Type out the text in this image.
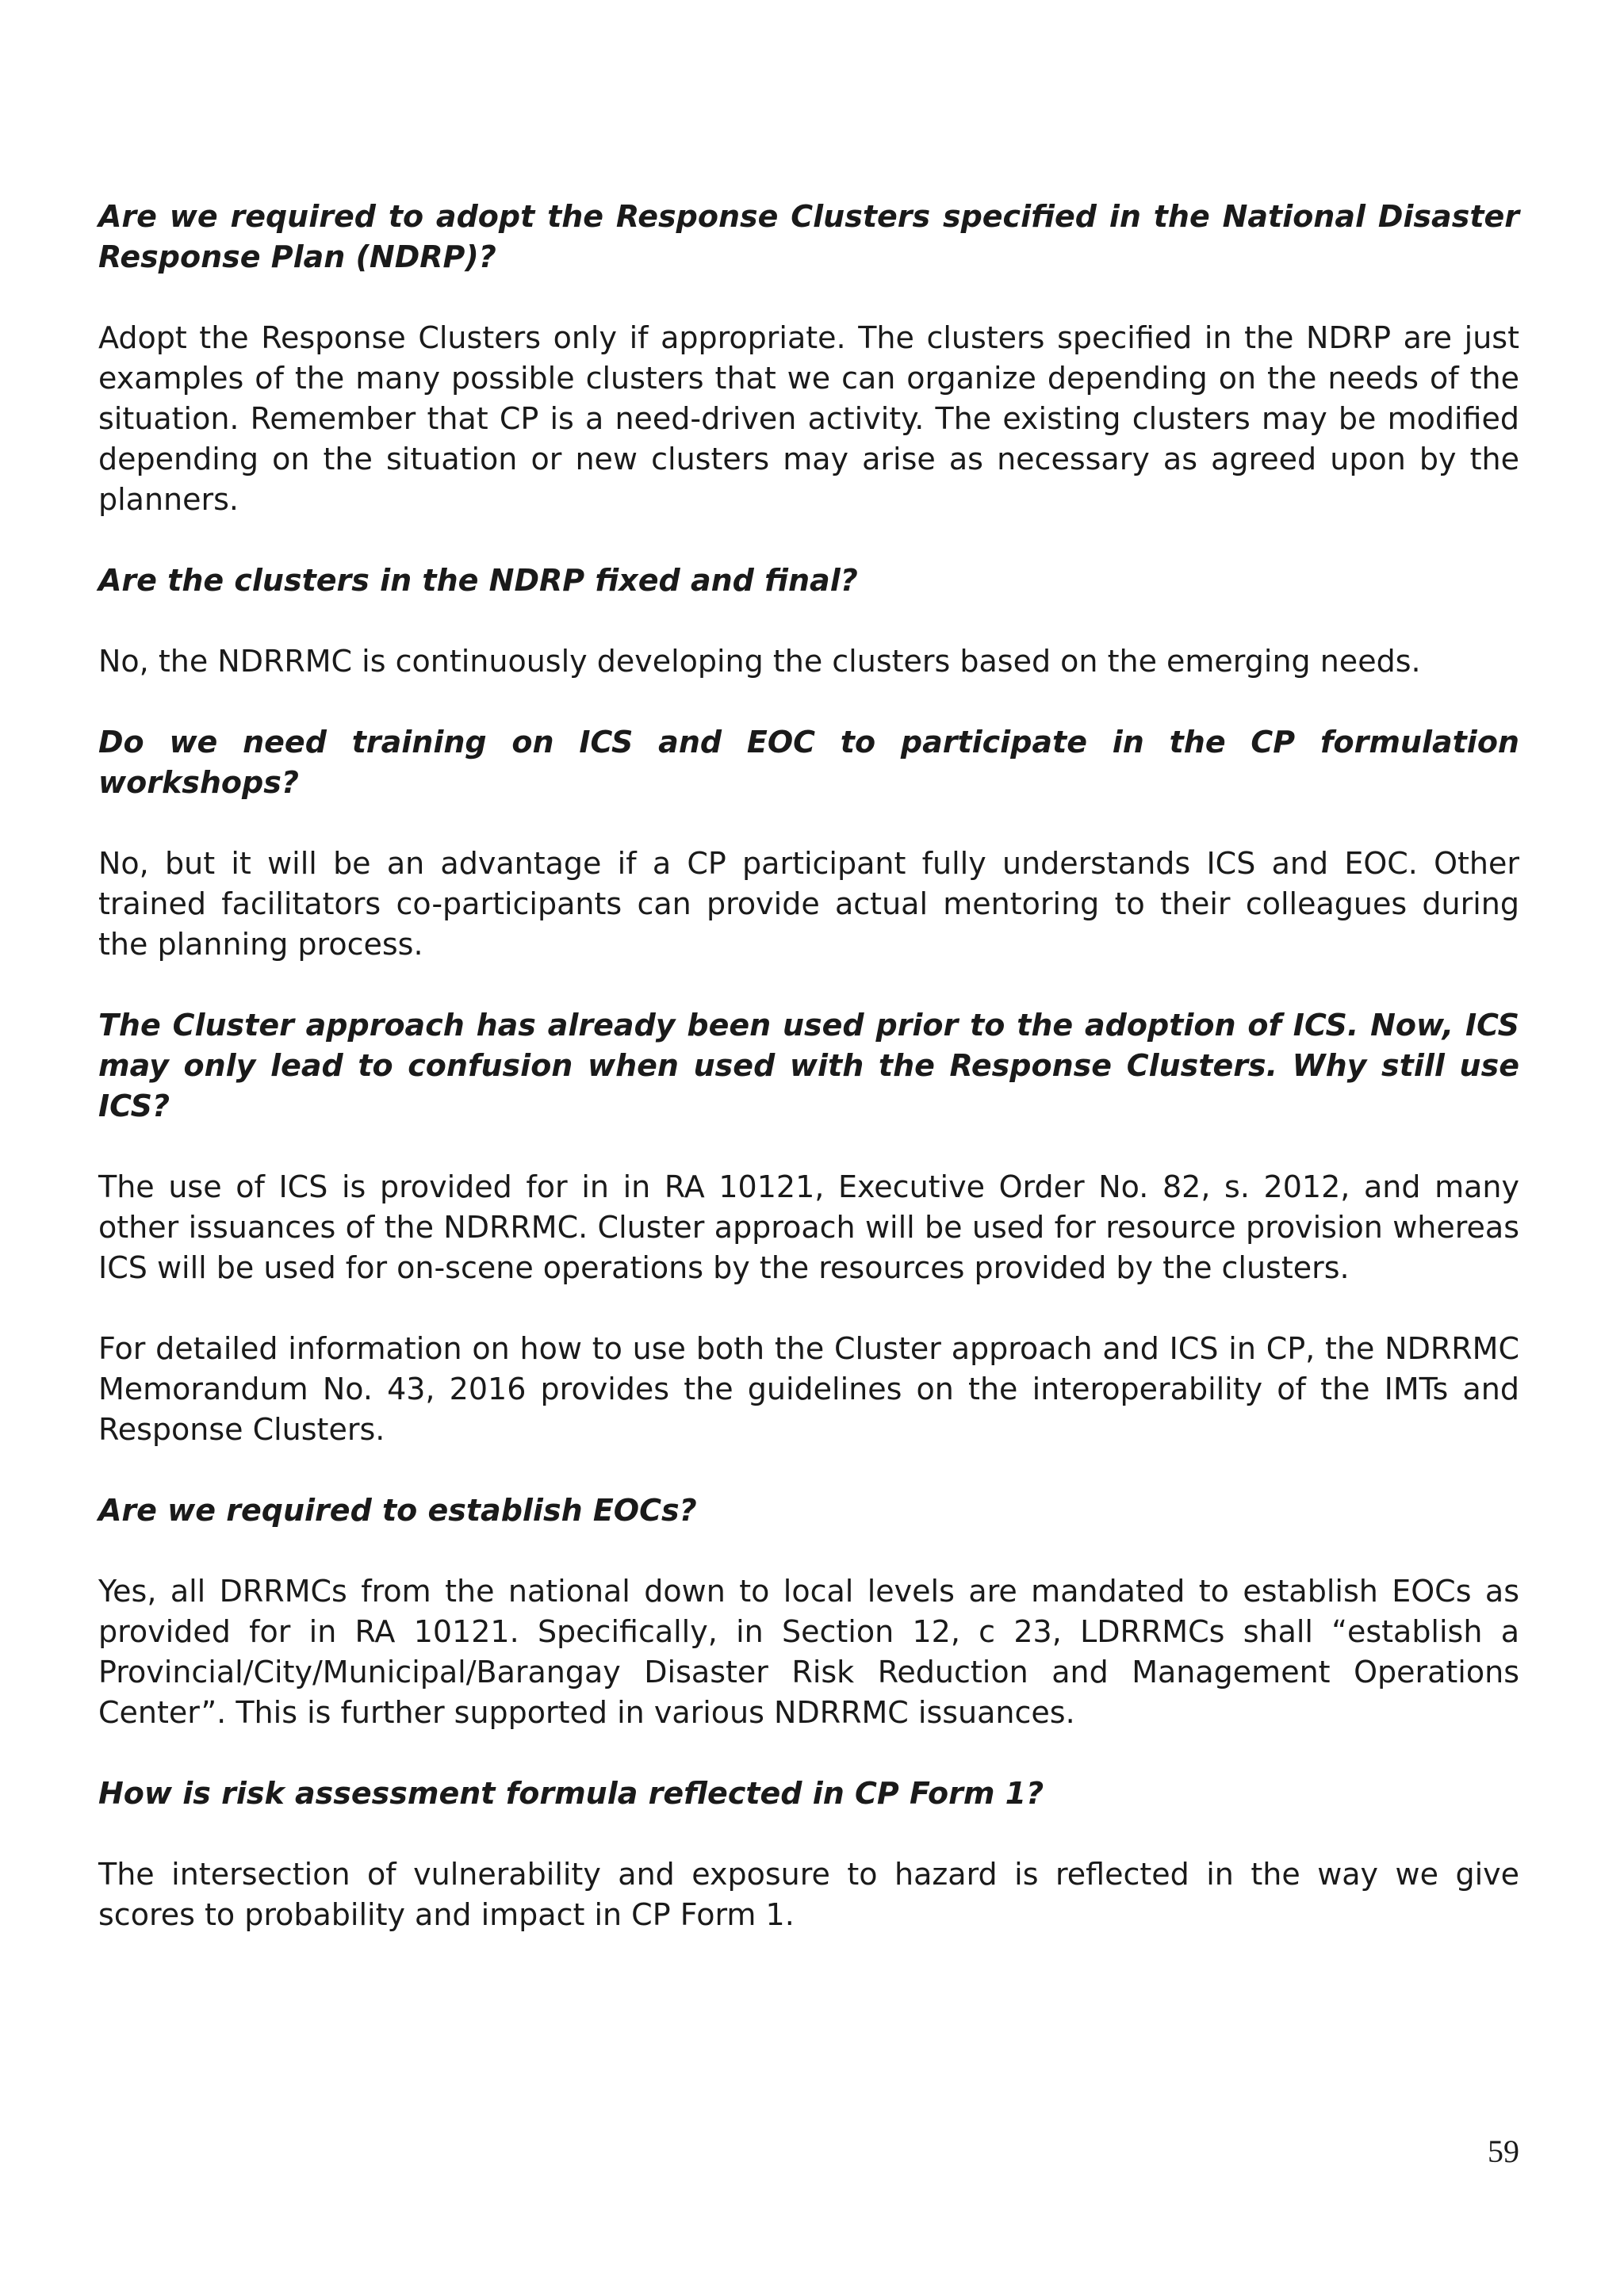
Are we required to adopt the Response Clusters specified in the National Disaster Response Plan (NDRP)?

Adopt the Response Clusters only if appropriate. The clusters specified in the NDRP are just examples of the many possible clusters that we can organize depending on the needs of the situation. Remember that CP is a need-driven activity. The existing clusters may be modified depending on the situation or new clusters may arise as necessary as agreed upon by the planners.

Are the clusters in the NDRP fixed and final?

No, the NDRRMC is continuously developing the clusters based on the emerging needs.

Do we need training on ICS and EOC to participate in the CP formulation workshops?

No, but it will be an advantage if a CP participant fully understands ICS and EOC. Other trained facilitators co-participants can provide actual mentoring to their colleagues during the planning process.

The Cluster approach has already been used prior to the adoption of ICS. Now, ICS may only lead to confusion when used with the Response Clusters. Why still use ICS?

The use of ICS is provided for in in RA 10121, Executive Order No. 82, s. 2012, and many other issuances of the NDRRMC. Cluster approach will be used for resource provision whereas ICS will be used for on-scene operations by the resources provided by the clusters.

For detailed information on how to use both the Cluster approach and ICS in CP, the NDRRMC Memorandum No. 43, 2016 provides the guidelines on the interoperability of the IMTs and Response Clusters.

Are we required to establish EOCs?

Yes, all DRRMCs from the national down to local levels are mandated to establish EOCs as provided for in RA 10121. Specifically, in Section 12, c 23, LDRRMCs shall “establish a Provincial/City/Municipal/Barangay Disaster Risk Reduction and Management Operations Center”. This is further supported in various NDRRMC issuances.

How is risk assessment formula reflected in CP Form 1?

The intersection of vulnerability and exposure to hazard is reflected in the way we give scores to probability and impact in CP Form 1.

59
